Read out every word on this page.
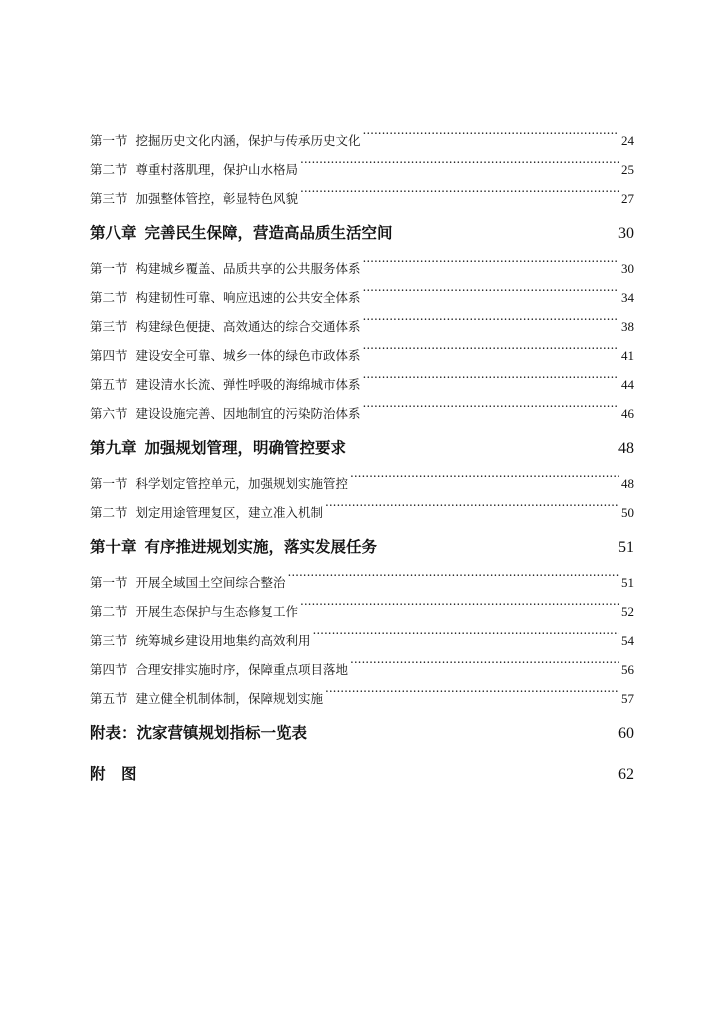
第一节 挖掘历史文化内涵，保护与传承历史文化 .....	24
第二节 尊重村落肌理，保护山水格局 .....	25
第三节 加强整体管控，彰显特色风貌 .....	27
第八章 完善民生保障，营造高品质生活空间 .....	30
第一节 构建城乡覆盖、品质共享的公共服务体系 .....	30
第二节 构建韧性可靠、响应迅速的公共安全体系 .....	34
第三节 构建绿色便捷、高效通达的综合交通体系 .....	38
第四节 建设安全可靠、城乡一体的绿色市政体系 .....	41
第五节 建设清水长流、弹性呼吸的海绵城市体系 .....	44
第六节 建设设施完善、因地制宜的污染防治体系 .....	46
第九章 加强规划管理，明确管控要求 .....	48
第一节 科学划定管控单元，加强规划实施管控 .....	48
第二节 划定用途管理复区，建立准入机制 .....	50
第十章 有序推进规划实施，落实发展任务 .....	51
第一节 开展全域国土空间综合整治 .....	51
第二节 开展生态保护与生态修复工作 .....	52
第三节 统筹城乡建设用地集约高效利用 .....	54
第四节 合理安排实施时序，保障重点项目落地 .....	56
第五节 建立健全机制体制，保障规划实施 .....	57
附表：沈家营镇规划指标一览表 .....	60
附　图 .....	62
